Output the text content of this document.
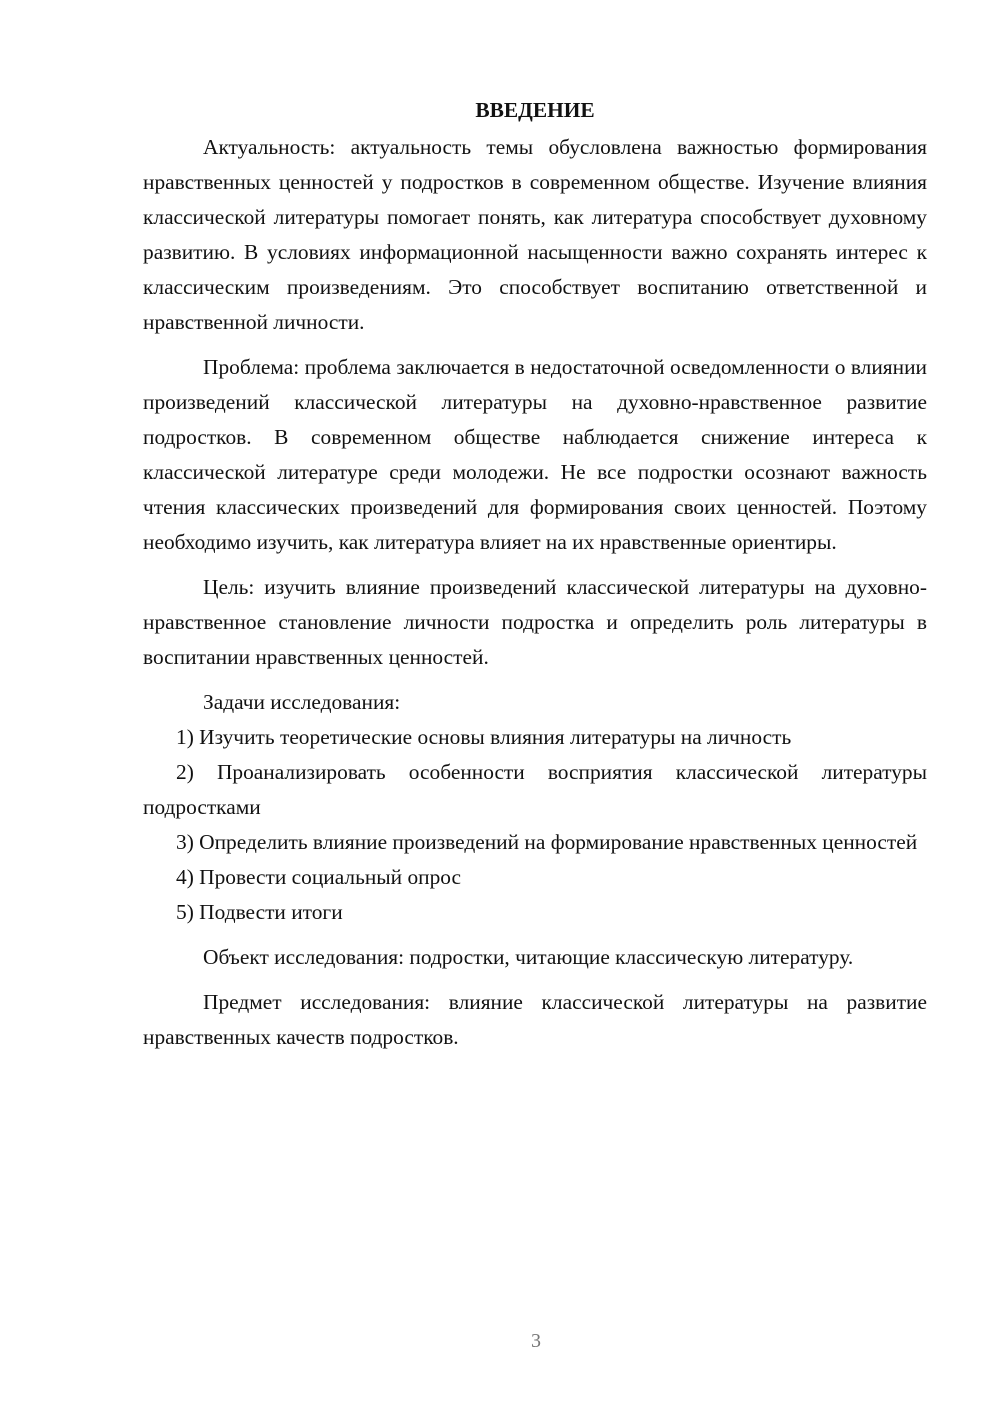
ВВЕДЕНИЕ

Актуальность: актуальность темы обусловлена важностью формирования нравственных ценностей у подростков в современном обществе. Изучение влияния классической литературы помогает понять, как литература способствует духовному развитию. В условиях информационной насыщенности важно сохранять интерес к классическим произведениям. Это способствует воспитанию ответственной и нравственной личности.

Проблема: проблема заключается в недостаточной осведомленности о влиянии произведений классической литературы на духовно-нравственное развитие подростков. В современном обществе наблюдается снижение интереса к классической литературе среди молодежи. Не все подростки осознают важность чтения классических произведений для формирования своих ценностей. Поэтому необходимо изучить, как литература влияет на их нравственные ориентиры.

Цель: изучить влияние произведений классической литературы на духовно-нравственное становление личности подростка и определить роль литературы в воспитании нравственных ценностей.

Задачи исследования:

1) Изучить теоретические основы влияния литературы на личность

2) Проанализировать особенности восприятия классической литературы подростками

3) Определить влияние произведений на формирование нравственных ценностей

4) Провести социальный опрос

5) Подвести итоги

Объект исследования: подростки, читающие классическую литературу.

Предмет исследования: влияние классической литературы на развитие нравственных качеств подростков.

3
